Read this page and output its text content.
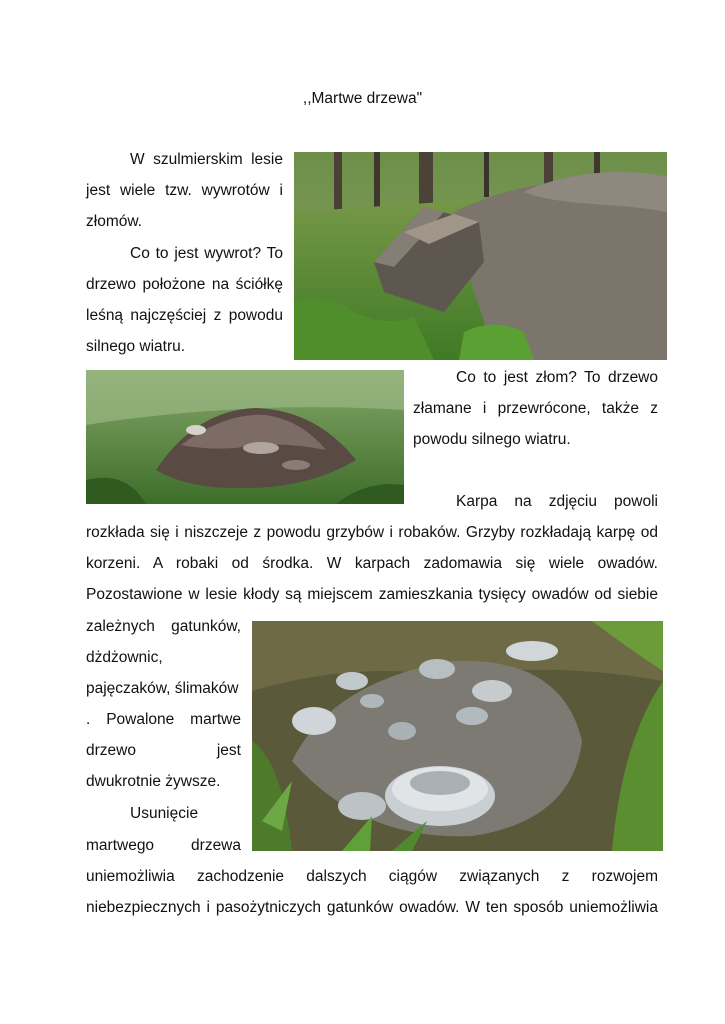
,,Martwe drzewa"
W szulmierskim lesie
jest wiele tzw. wywrotów i
złomów.
Co to jest wywrot? To
drzewo położone na ściółkę
leśną najczęściej z powodu
silnego wiatru.
Co to jest złom? To drzewo
złamane i przewrócone, także z
powodu silnego wiatru.
Karpa na zdjęciu powoli
rozkłada się i niszczeje z powodu grzybów i robaków. Grzyby rozkładają karpę od
korzeni. A robaki od środka. W karpach zadomawia się wiele owadów.
Pozostawione w lesie kłody są miejscem zamieszkania tysięcy owadów od siebie
zależnych gatunków,
dżdżownic,
pajęczaków, ślimaków
. Powalone martwe
drzewo jest
dwukrotnie żywsze.
Usunięcie
martwego drzewa
uniemożliwia zachodzenie dalszych ciągów związanych z rozwojem
niebezpiecznych i pasożytniczych gatunków owadów. W ten sposób uniemożliwia
